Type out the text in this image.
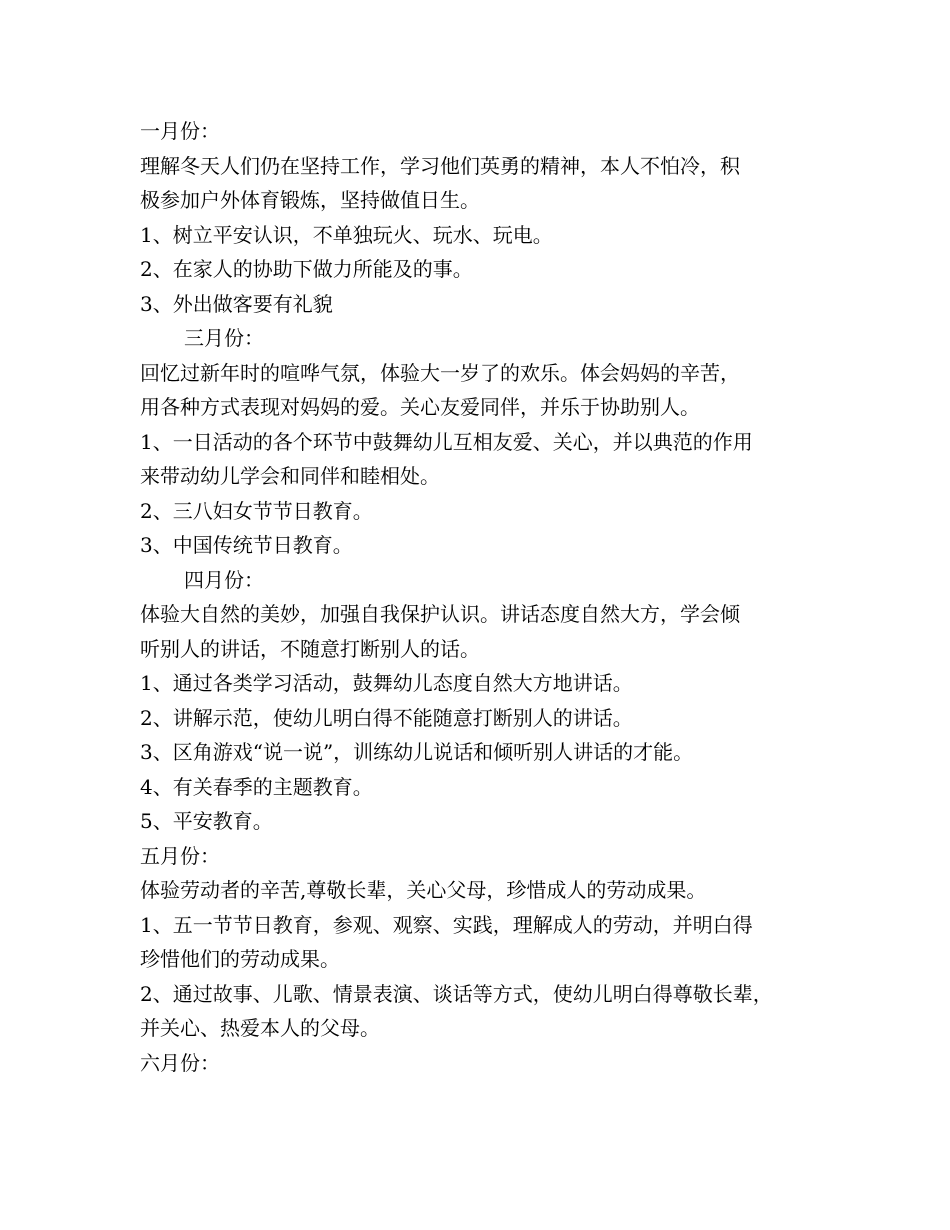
一月份：
理解冬天人们仍在坚持工作，学习他们英勇的精神，本人不怕冷，积
极参加户外体育锻炼，坚持做值日生。
1、树立平安认识，不单独玩火、玩水、玩电。
2、在家人的协助下做力所能及的事。
3、外出做客要有礼貌
三月份：
回忆过新年时的喧哗气氛，体验大一岁了的欢乐。体会妈妈的辛苦，
用各种方式表现对妈妈的爱。关心友爱同伴，并乐于协助别人。
1、一日活动的各个环节中鼓舞幼儿互相友爱、关心，并以典范的作用
来带动幼儿学会和同伴和睦相处。
2、三八妇女节节日教育。
3、中国传统节日教育。
四月份：
体验大自然的美妙，加强自我保护认识。讲话态度自然大方，学会倾
听别人的讲话，不随意打断别人的话。
1、通过各类学习活动，鼓舞幼儿态度自然大方地讲话。
2、讲解示范，使幼儿明白得不能随意打断别人的讲话。
3、区角游戏“说一说”，训练幼儿说话和倾听别人讲话的才能。
4、有关春季的主题教育。
5、平安教育。
五月份：
体验劳动者的辛苦,尊敬长辈，关心父母，珍惜成人的劳动成果。
1、五一节节日教育，参观、观察、实践，理解成人的劳动，并明白得
珍惜他们的劳动成果。
2、通过故事、儿歌、情景表演、谈话等方式，使幼儿明白得尊敬长辈，
并关心、热爱本人的父母。
六月份：
